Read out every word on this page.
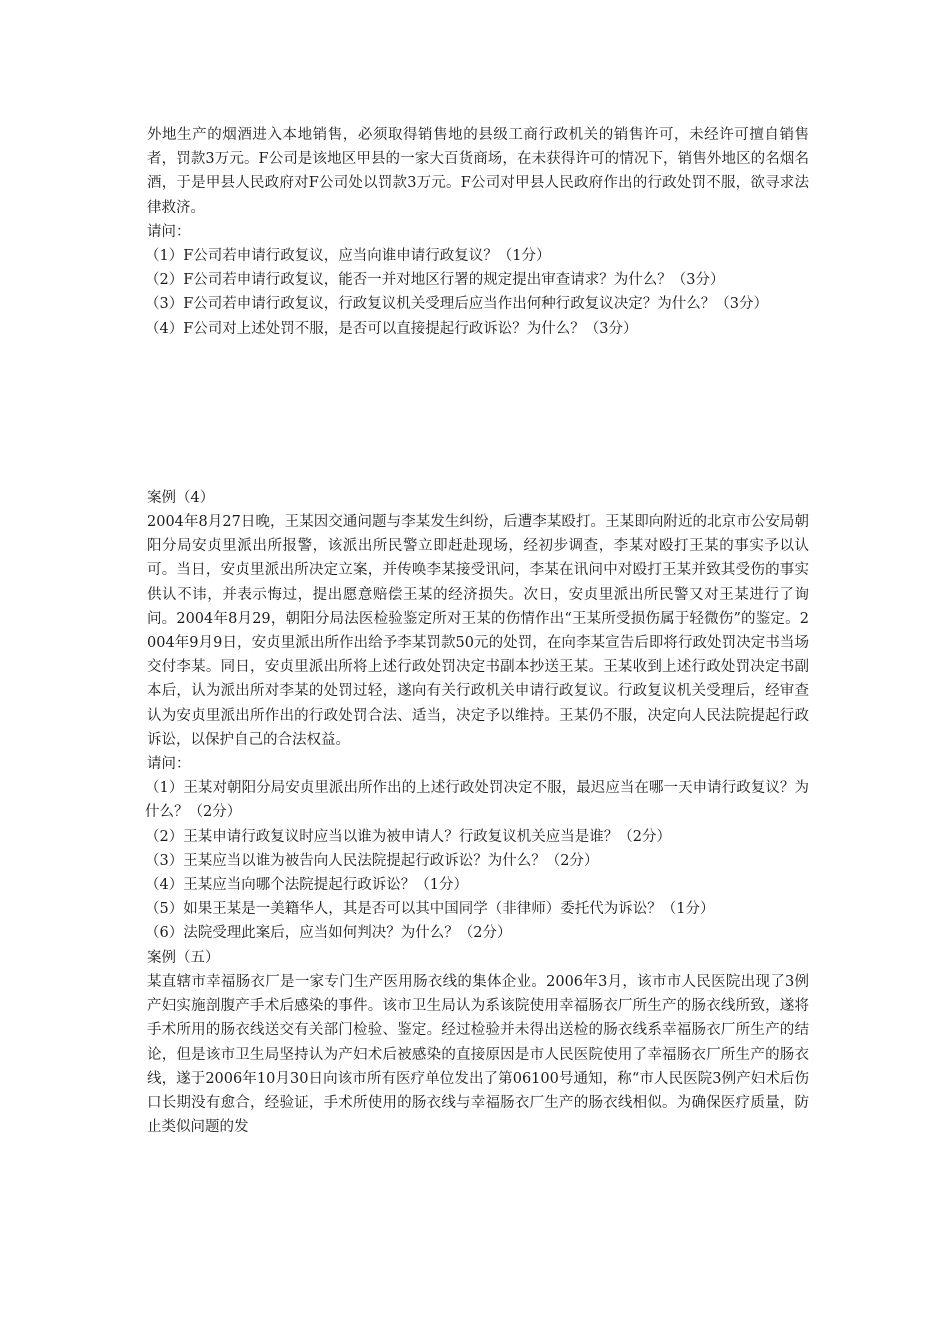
外地生产的烟酒进入本地销售，必须取得销售地的县级工商行政机关的销售许可，未经许可擅自销售者，罚款3万元。F公司是该地区甲县的一家大百货商场，在未获得许可的情况下，销售外地区的名烟名酒，于是甲县人民政府对F公司处以罚款3万元。F公司对甲县人民政府作出的行政处罚不服，欲寻求法律救济。

请问：

（1）F公司若申请行政复议，应当向谁申请行政复议？（1分）

（2）F公司若申请行政复议，能否一并对地区行署的规定提出审查请求？为什么？（3分）

（3）F公司若申请行政复议，行政复议机关受理后应当作出何种行政复议决定？为什么？（3分）

（4）F公司对上述处罚不服，是否可以直接提起行政诉讼？为什么？（3分）

案例（4）

2004年8月27日晚，王某因交通问题与李某发生纠纷，后遭李某殴打。王某即向附近的北京市公安局朝阳分局安贞里派出所报警，该派出所民警立即赶赴现场，经初步调查，李某对殴打王某的事实予以认可。当日，安贞里派出所决定立案，并传唤李某接受讯问，李某在讯问中对殴打王某并致其受伤的事实供认不讳，并表示悔过，提出愿意赔偿王某的经济损失。次日，安贞里派出所民警又对王某进行了询问。2004年8月29，朝阳分局法医检验鉴定所对王某的伤情作出“王某所受损伤属于轻微伤”的鉴定。2004年9月9日，安贞里派出所作出给予李某罚款50元的处罚，在向李某宣告后即将行政处罚决定书当场交付李某。同日，安贞里派出所将上述行政处罚决定书副本抄送王某。王某收到上述行政处罚决定书副本后，认为派出所对李某的处罚过轻，遂向有关行政机关申请行政复议。行政复议机关受理后，经审查认为安贞里派出所作出的行政处罚合法、适当，决定予以维持。王某仍不服，决定向人民法院提起行政诉讼，以保护自己的合法权益。

请问：

（1）王某对朝阳分局安贞里派出所作出的上述行政处罚决定不服，最迟应当在哪一天申请行政复议？为什么？（2分）

（2）王某申请行政复议时应当以谁为被申请人？行政复议机关应当是谁？（2分）

（3）王某应当以谁为被告向人民法院提起行政诉讼？为什么？（2分）

（4）王某应当向哪个法院提起行政诉讼？（1分）

（5）如果王某是一美籍华人，其是否可以其中国同学（非律师）委托代为诉讼？（1分）

（6）法院受理此案后，应当如何判决？为什么？（2分）

案例（五）

某直辖市幸福肠衣厂是一家专门生产医用肠衣线的集体企业。2006年3月，该市市人民医院出现了3例产妇实施剖腹产手术后感染的事件。该市卫生局认为系该院使用幸福肠衣厂所生产的肠衣线所致，遂将手术所用的肠衣线送交有关部门检验、鉴定。经过检验并未得出送检的肠衣线系幸福肠衣厂所生产的结论，但是该市卫生局坚持认为产妇术后被感染的直接原因是市人民医院使用了幸福肠衣厂所生产的肠衣线，遂于2006年10月30日向该市所有医疗单位发出了第06100号通知，称“市人民医院3例产妇术后伤口长期没有愈合，经验证，手术所使用的肠衣线与幸福肠衣厂生产的肠衣线相似。为确保医疗质量，防止类似问题的发
